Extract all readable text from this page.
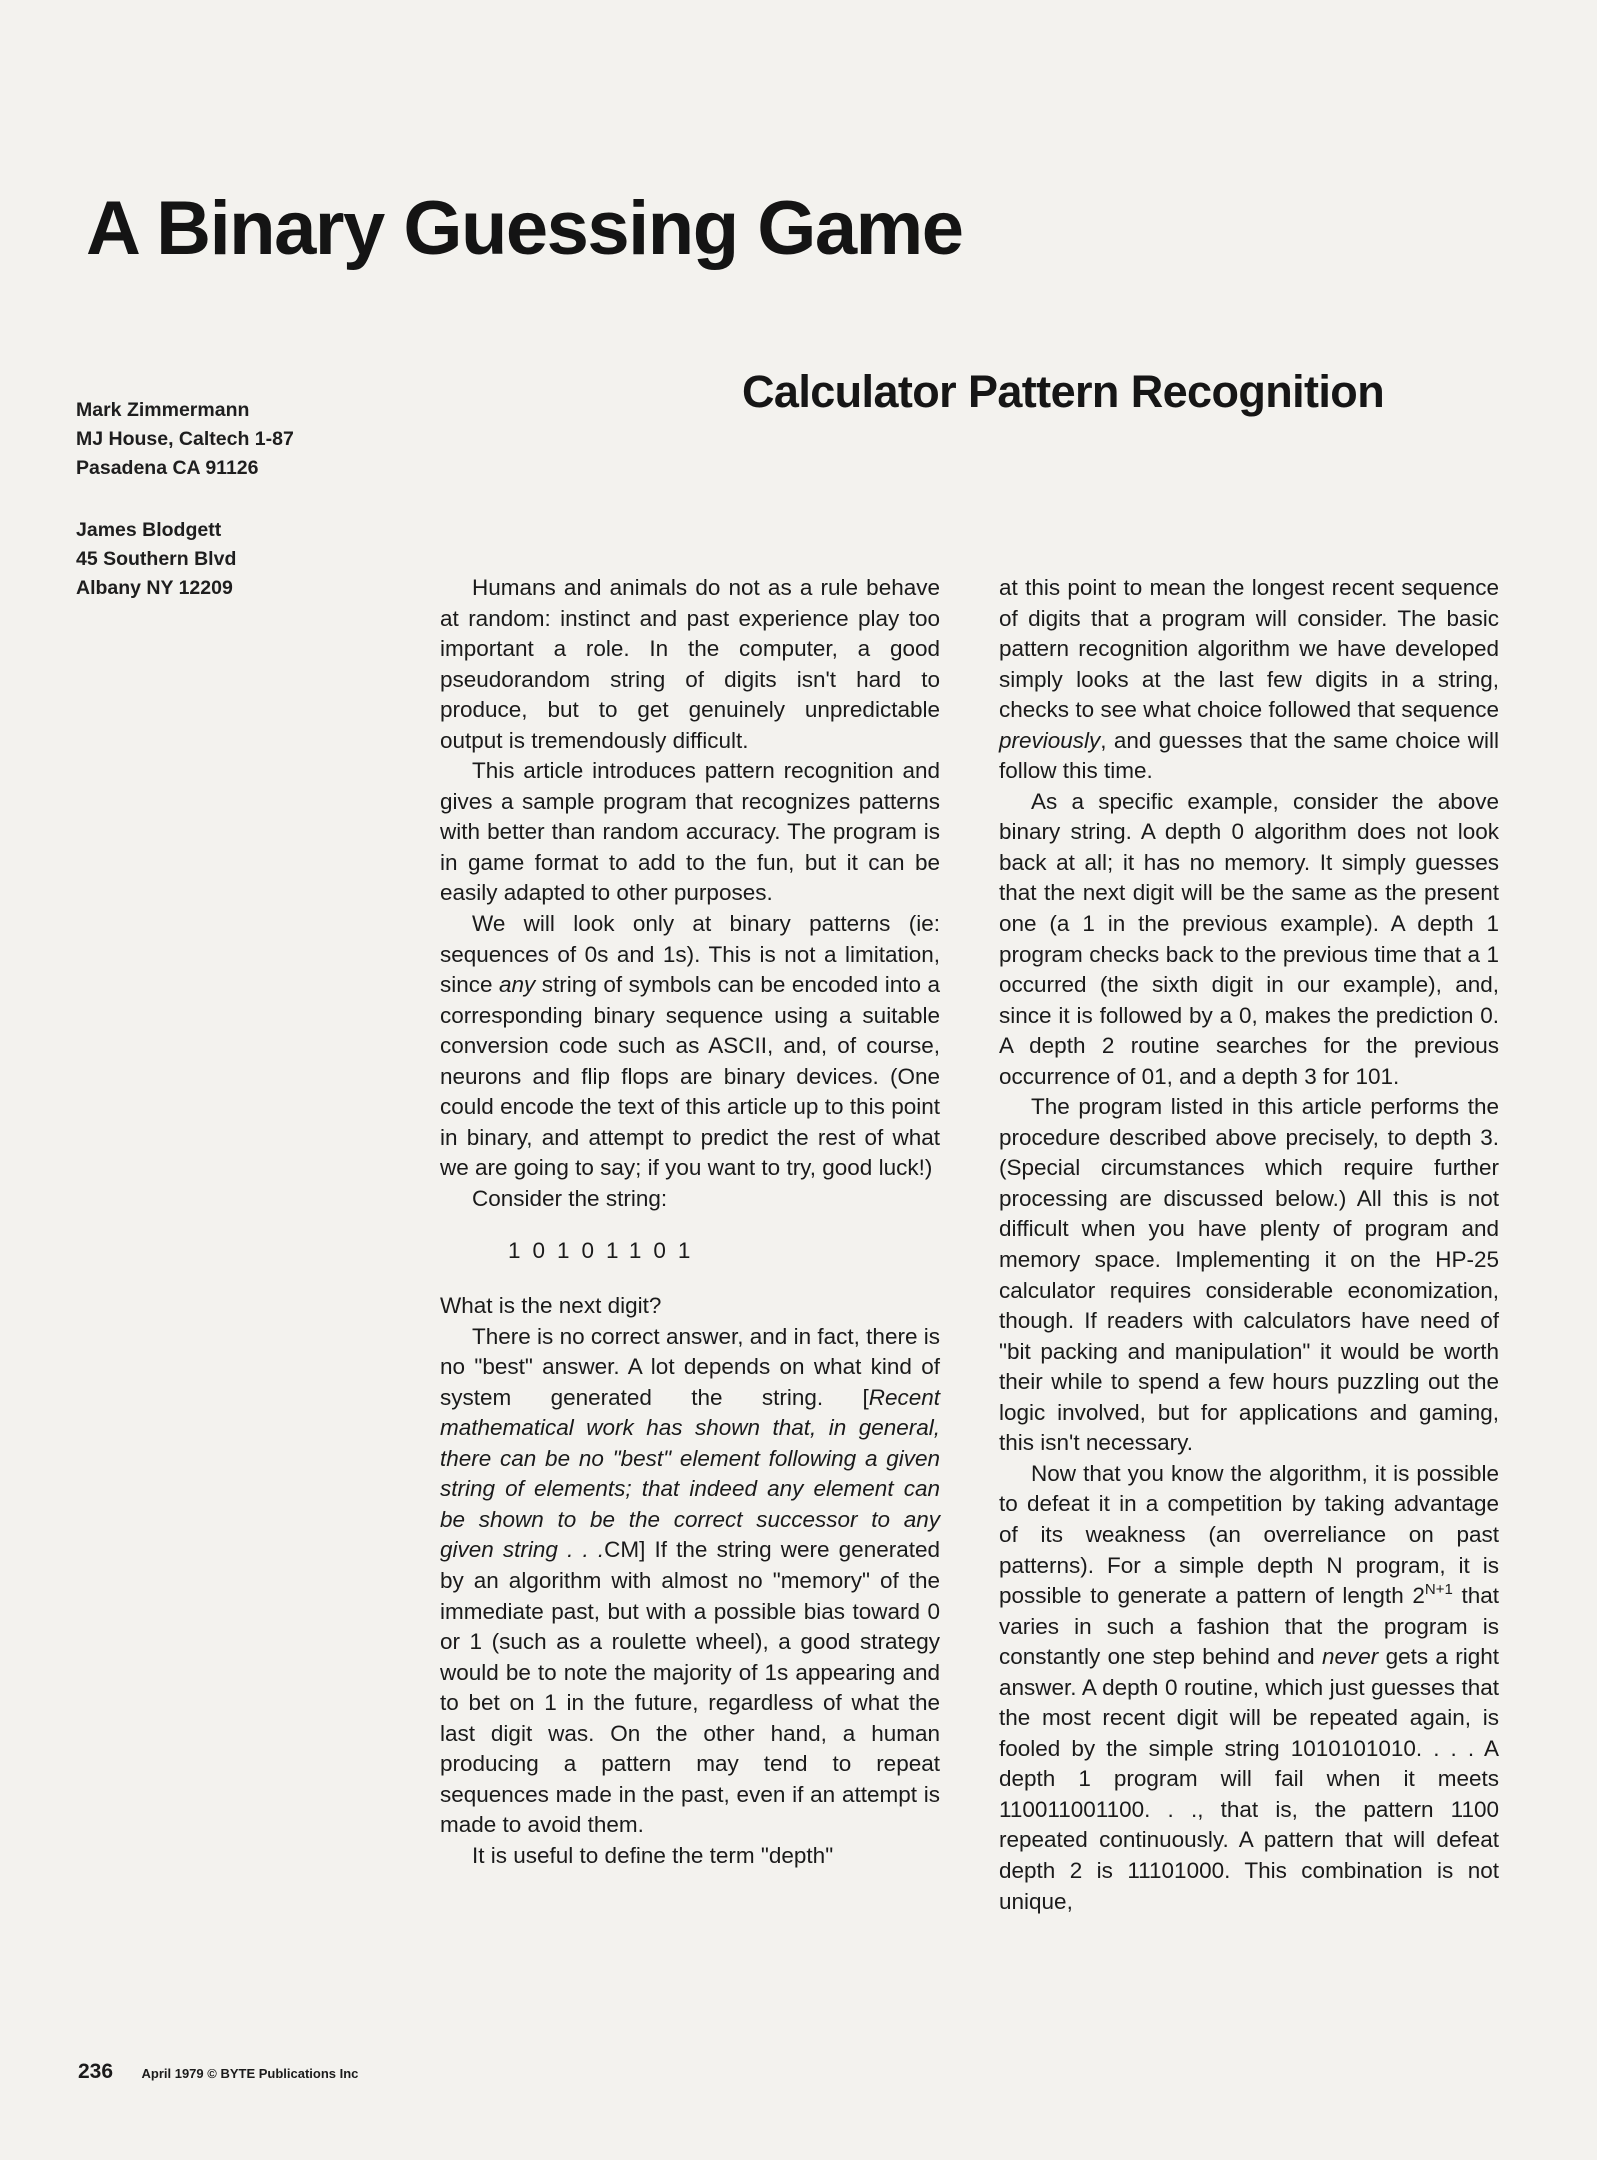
A Binary Guessing Game
Calculator Pattern Recognition
Mark Zimmermann
MJ House, Caltech 1-87
Pasadena CA 91126
James Blodgett
45 Southern Blvd
Albany NY 12209	Humans and animals do not as a rule behave at random: instinct and past experience play too important a role. In the computer, a good pseudorandom string of digits isn't hard to produce, but to get genuinely unpredictable output is tremendously difficult.

This article introduces pattern recognition and gives a sample program that recognizes patterns with better than random accuracy. The program is in game format to add to the fun, but it can be easily adapted to other purposes.

We will look only at binary patterns (ie: sequences of 0s and 1s). This is not a limitation, since any string of symbols can be encoded into a corresponding binary sequence using a suitable conversion code such as ASCII, and, of course, neurons and flip flops are binary devices. (One could encode the text of this article up to this point in binary, and attempt to predict the rest of what we are going to say; if you want to try, good luck!)

Consider the string:

10101101

What is the next digit?

There is no correct answer, and in fact, there is no "best" answer. A lot depends on what kind of system generated the string. [Recent mathematical work has shown that, in general, there can be no "best" element following a given string of elements; that indeed any element can be shown to be the correct successor to any given string . . .CM] If the string were generated by an algorithm with almost no "memory" of the immediate past, but with a possible bias toward 0 or 1 (such as a roulette wheel), a good strategy would be to note the majority of 1s appearing and to bet on 1 in the future, regardless of what the last digit was. On the other hand, a human producing a pattern may tend to repeat sequences made in the past, even if an attempt is made to avoid them.

It is useful to define the term "depth"

at this point to mean the longest recent sequence of digits that a program will consider. The basic pattern recognition algorithm we have developed simply looks at the last few digits in a string, checks to see what choice followed that sequence previously, and guesses that the same choice will follow this time.

As a specific example, consider the above binary string. A depth 0 algorithm does not look back at all; it has no memory. It simply guesses that the next digit will be the same as the present one (a 1 in the previous example). A depth 1 program checks back to the previous time that a 1 occurred (the sixth digit in our example), and, since it is followed by a 0, makes the prediction 0. A depth 2 routine searches for the previous occurrence of 01, and a depth 3 for 101.

The program listed in this article performs the procedure described above precisely, to depth 3. (Special circumstances which require further processing are discussed below.) All this is not difficult when you have plenty of program and memory space. Implementing it on the HP-25 calculator requires considerable economization, though. If readers with calculators have need of "bit packing and manipulation" it would be worth their while to spend a few hours puzzling out the logic involved, but for applications and gaming, this isn't necessary.

Now that you know the algorithm, it is possible to defeat it in a competition by taking advantage of its weakness (an overreliance on past patterns). For a simple depth N program, it is possible to generate a pattern of length $2^{N+1}$ that varies in such a fashion that the program is constantly one step behind and never gets a right answer. A depth 0 routine, which just guesses that the most recent digit will be repeated again, is fooled by the simple string 1010101010. . . . A depth 1 program will fail when it meets 110011001100. . ., that is, the pattern 1100 repeated continuously. A pattern that will defeat depth 2 is 11101000. This combination is not unique,

236 April 1979 © BYTE Publications Inc
